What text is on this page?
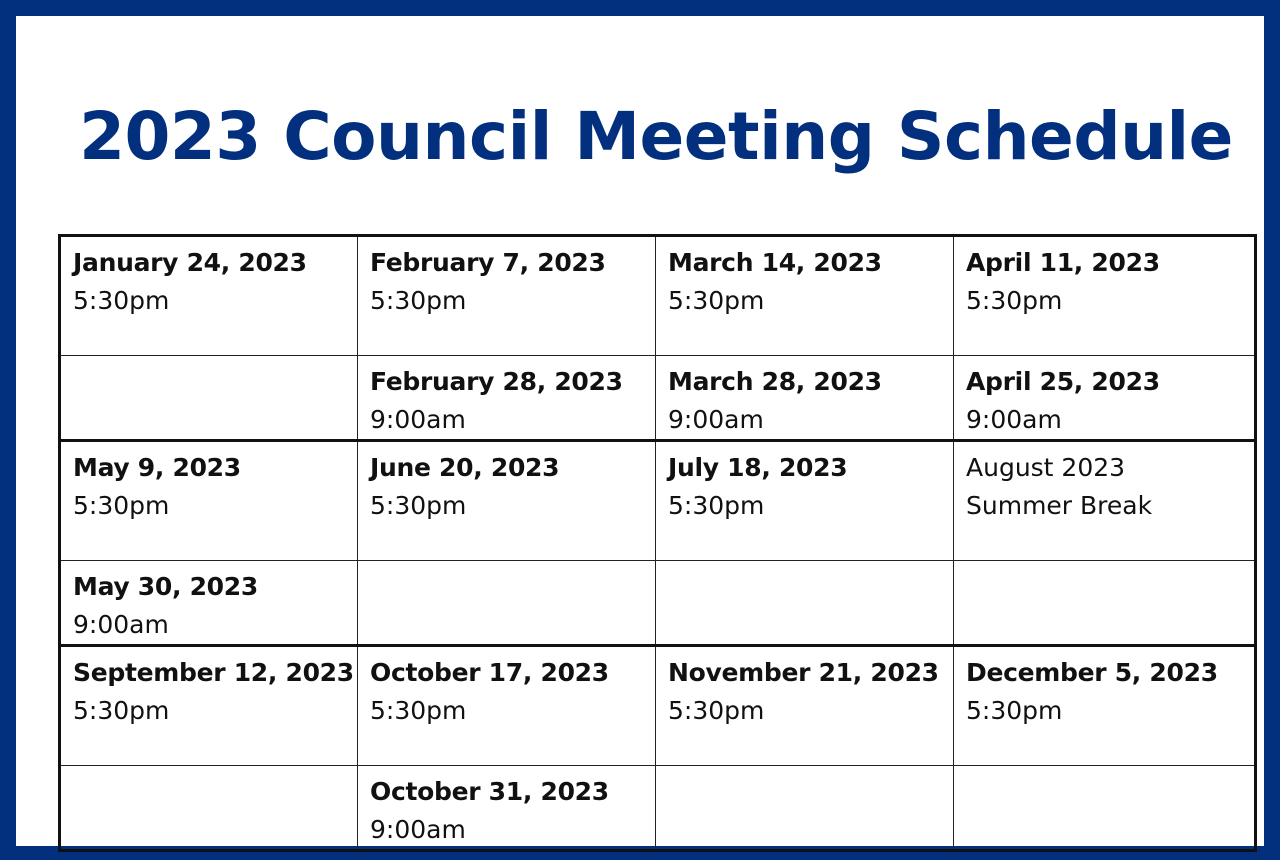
2023 Council Meeting Schedule
January 24, 2023
5:30pm	February 7, 2023
5:30pm	March 14, 2023
5:30pm	April 11, 2023
5:30pm

	February 28, 2023
9:00am	March 28, 2023
9:00am	April 25, 2023
9:00am

May 9, 2023
5:30pm	June 20, 2023
5:30pm	July 18, 2023
5:30pm	August 2023
Summer Break

May 30, 2023
9:00am			

September 12, 2023
5:30pm	October 17, 2023
5:30pm	November 21, 2023
5:30pm	December 5, 2023
5:30pm

	October 31, 2023
9:00am		
